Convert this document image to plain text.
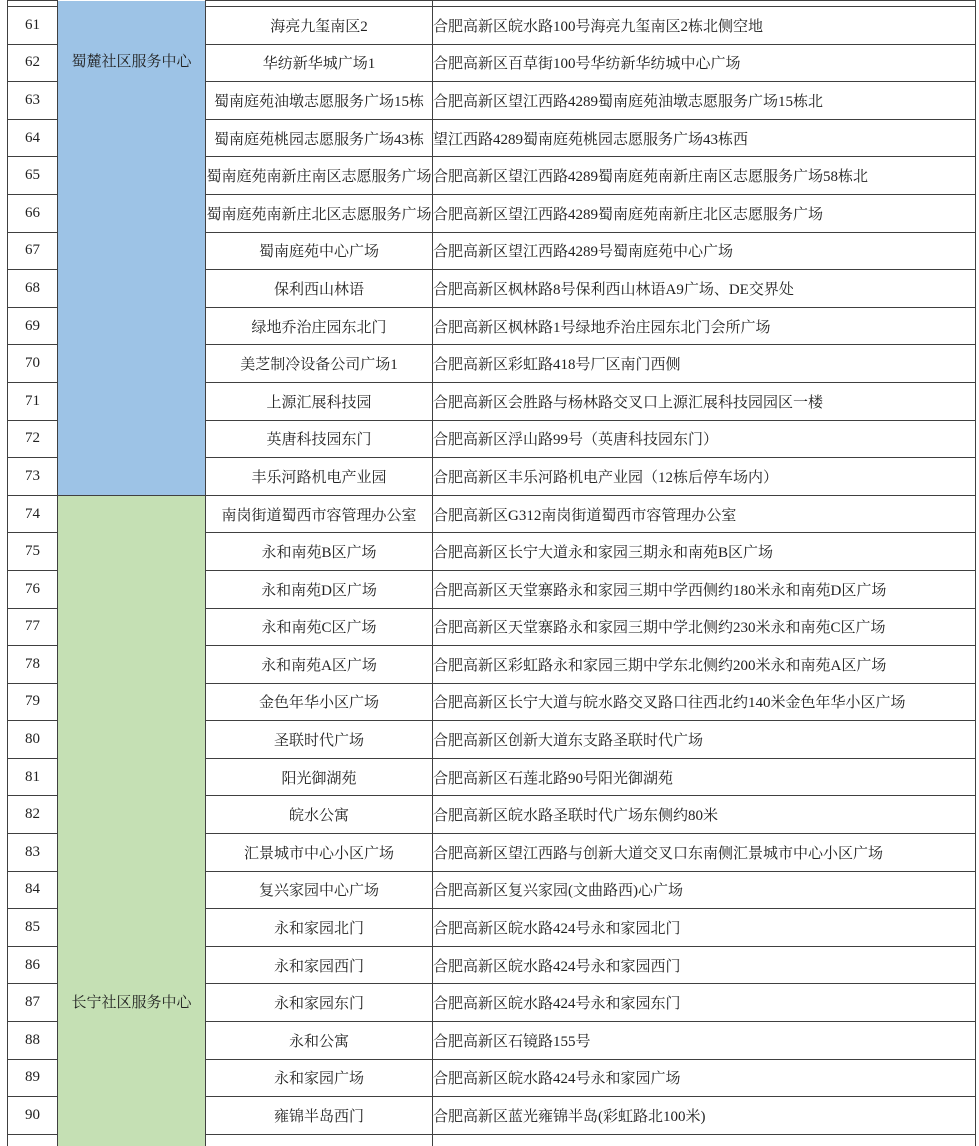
	蜀麓社区服务中心		

61		海亮九玺南区2	合肥高新区皖水路100号海亮九玺南区2栋北侧空地
62		华纺新华城广场1	合肥高新区百草街100号华纺新华纺城中心广场
63		蜀南庭苑油墩志愿服务广场15栋	合肥高新区望江西路4289蜀南庭苑油墩志愿服务广场15栋北
64		蜀南庭苑桃园志愿服务广场43栋	望江西路4289蜀南庭苑桃园志愿服务广场43栋西
65		蜀南庭苑南新庄南区志愿服务广场	合肥高新区望江西路4289蜀南庭苑南新庄南区志愿服务广场58栋北
66		蜀南庭苑南新庄北区志愿服务广场	合肥高新区望江西路4289蜀南庭苑南新庄北区志愿服务广场
67		蜀南庭苑中心广场	合肥高新区望江西路4289号蜀南庭苑中心广场
68		保利西山林语	合肥高新区枫林路8号保利西山林语A9广场、DE交界处
69		绿地乔治庄园东北门	合肥高新区枫林路1号绿地乔治庄园东北门会所广场
70		美芝制冷设备公司广场1	合肥高新区彩虹路418号厂区南门西侧
71		上源汇展科技园	合肥高新区会胜路与杨林路交叉口上源汇展科技园园区一楼
72		英唐科技园东门	合肥高新区浮山路99号（英唐科技园东门）
73		丰乐河路机电产业园	合肥高新区丰乐河路机电产业园（12栋后停车场内）
74	长宁社区服务中心	南岗街道蜀西市容管理办公室	合肥高新区G312南岗街道蜀西市容管理办公室
75		永和南苑B区广场	合肥高新区长宁大道永和家园三期永和南苑B区广场
76		永和南苑D区广场	合肥高新区天堂寨路永和家园三期中学西侧约180米永和南苑D区广场
77		永和南苑C区广场	合肥高新区天堂寨路永和家园三期中学北侧约230米永和南苑C区广场
78		永和南苑A区广场	合肥高新区彩虹路永和家园三期中学东北侧约200米永和南苑A区广场
79		金色年华小区广场	合肥高新区长宁大道与皖水路交叉路口往西北约140米金色年华小区广场
80		圣联时代广场	合肥高新区创新大道东支路圣联时代广场
81		阳光御湖苑	合肥高新区石莲北路90号阳光御湖苑
82		皖水公寓	合肥高新区皖水路圣联时代广场东侧约80米
83		汇景城市中心小区广场	合肥高新区望江西路与创新大道交叉口东南侧汇景城市中心小区广场
84		复兴家园中心广场	合肥高新区复兴家园(文曲路西)心广场
85		永和家园北门	合肥高新区皖水路424号永和家园北门
86		永和家园西门	合肥高新区皖水路424号永和家园西门
87		永和家园东门	合肥高新区皖水路424号永和家园东门
88		永和公寓	合肥高新区石镜路155号
89		永和家园广场	合肥高新区皖水路424号永和家园广场
90		雍锦半岛西门	合肥高新区蓝光雍锦半岛(彩虹路北100米)
